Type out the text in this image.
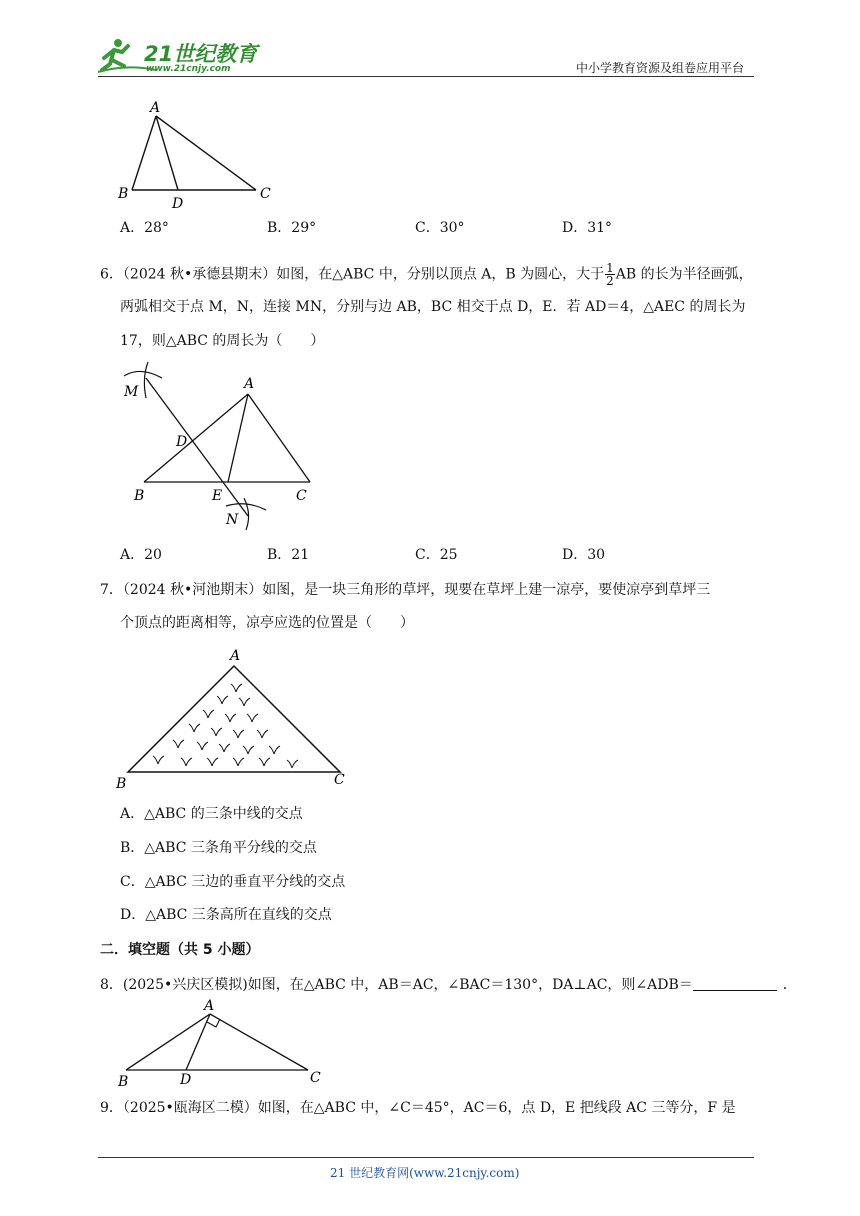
21世纪教育
www.21cnjy.com	中小学教育资源及组卷应用平台
A
B
D
C
A．28°	B．29°	C．30°	D．31°
6．（2024 秋•承德县期末）如图，在△ABC 中，分别以顶点 A，B 为圆心，大于 $\frac{1}{2}$ AB 的长为半径画弧，
两弧相交于点 M，N，连接 MN，分别与边 AB，BC 相交于点 D，E．若 AD＝4，△AEC 的周长为
17，则△ABC 的周长为（　　）
M	A
D
B	E	C
N
A．20	B．21	C．25	D．30
7．（2024 秋•河池期末）如图，是一块三角形的草坪，现要在草坪上建一凉亭，要使凉亭到草坪三
个顶点的距离相等，凉亭应选的位置是（　　）
A
B	C
A．△ABC 的三条中线的交点
B．△ABC 三条角平分线的交点
C．△ABC 三边的垂直平分线的交点
D．△ABC 三条高所在直线的交点
二．填空题（共 5 小题）
8．(2025•兴庆区模拟)如图，在△ABC 中，AB＝AC，∠BAC＝130°，DA⊥AC，则∠ADB＝	．
A
B	D	C
9．（2025•瓯海区二模）如图，在△ABC 中，∠C＝45°，AC＝6，点 D，E 把线段 AC 三等分，F 是
21 世纪教育网(www.21cnjy.com)
